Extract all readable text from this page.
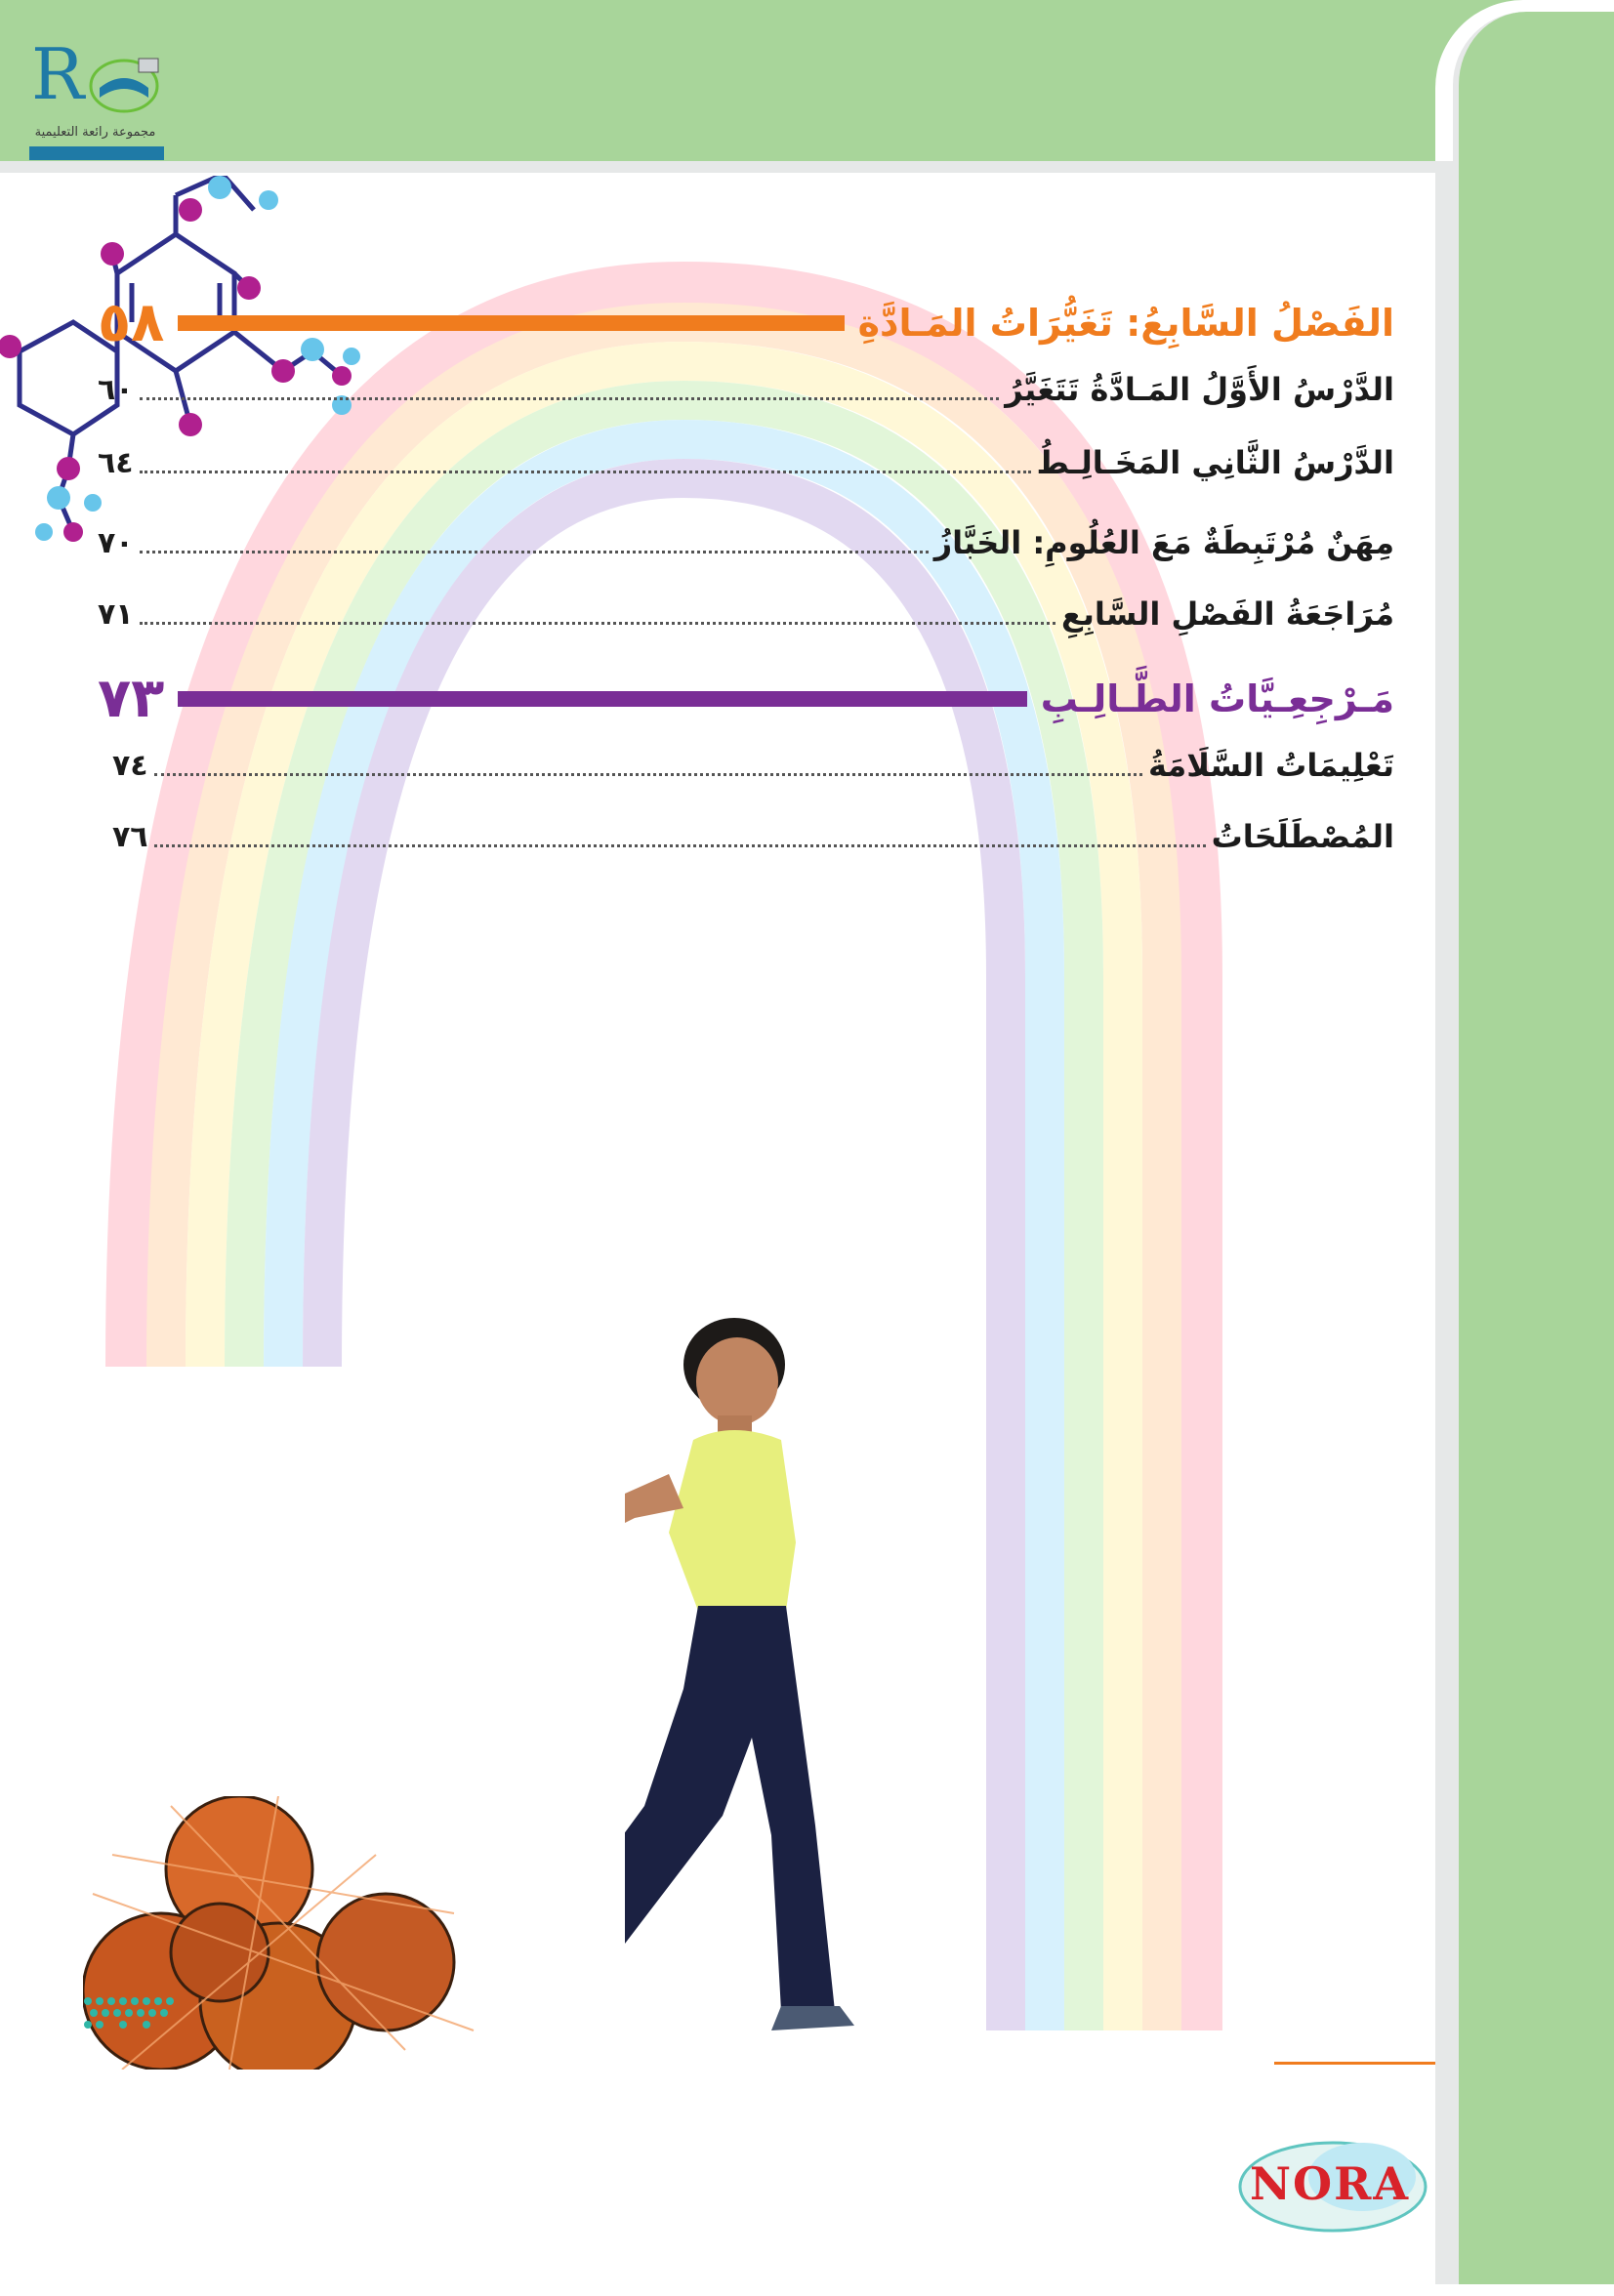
R
مجموعة رائعة التعليمية
الفَصْلُ السَّابِعُ: تَغَيُّرَاتُ المَـادَّةِ
٥٨
الدَّرْسُ الأَوَّلُ المَـادَّةُ تَتَغَيَّرُ
٦٠
الدَّرْسُ الثَّانِي المَخَـالِـطُ
٦٤
مِهَنٌ مُرْتَبِطَةٌ مَعَ العُلُومِ: الخَبَّازُ
٧٠
مُرَاجَعَةُ الفَصْلِ السَّابِعِ
٧١
مَـرْجِعِـيَّاتُ الطَّـالِـبِ
٧٣
تَعْلِيمَاتُ السَّلَامَةُ
٧٤
المُصْطَلَحَاتُ
٧٦
NORA
